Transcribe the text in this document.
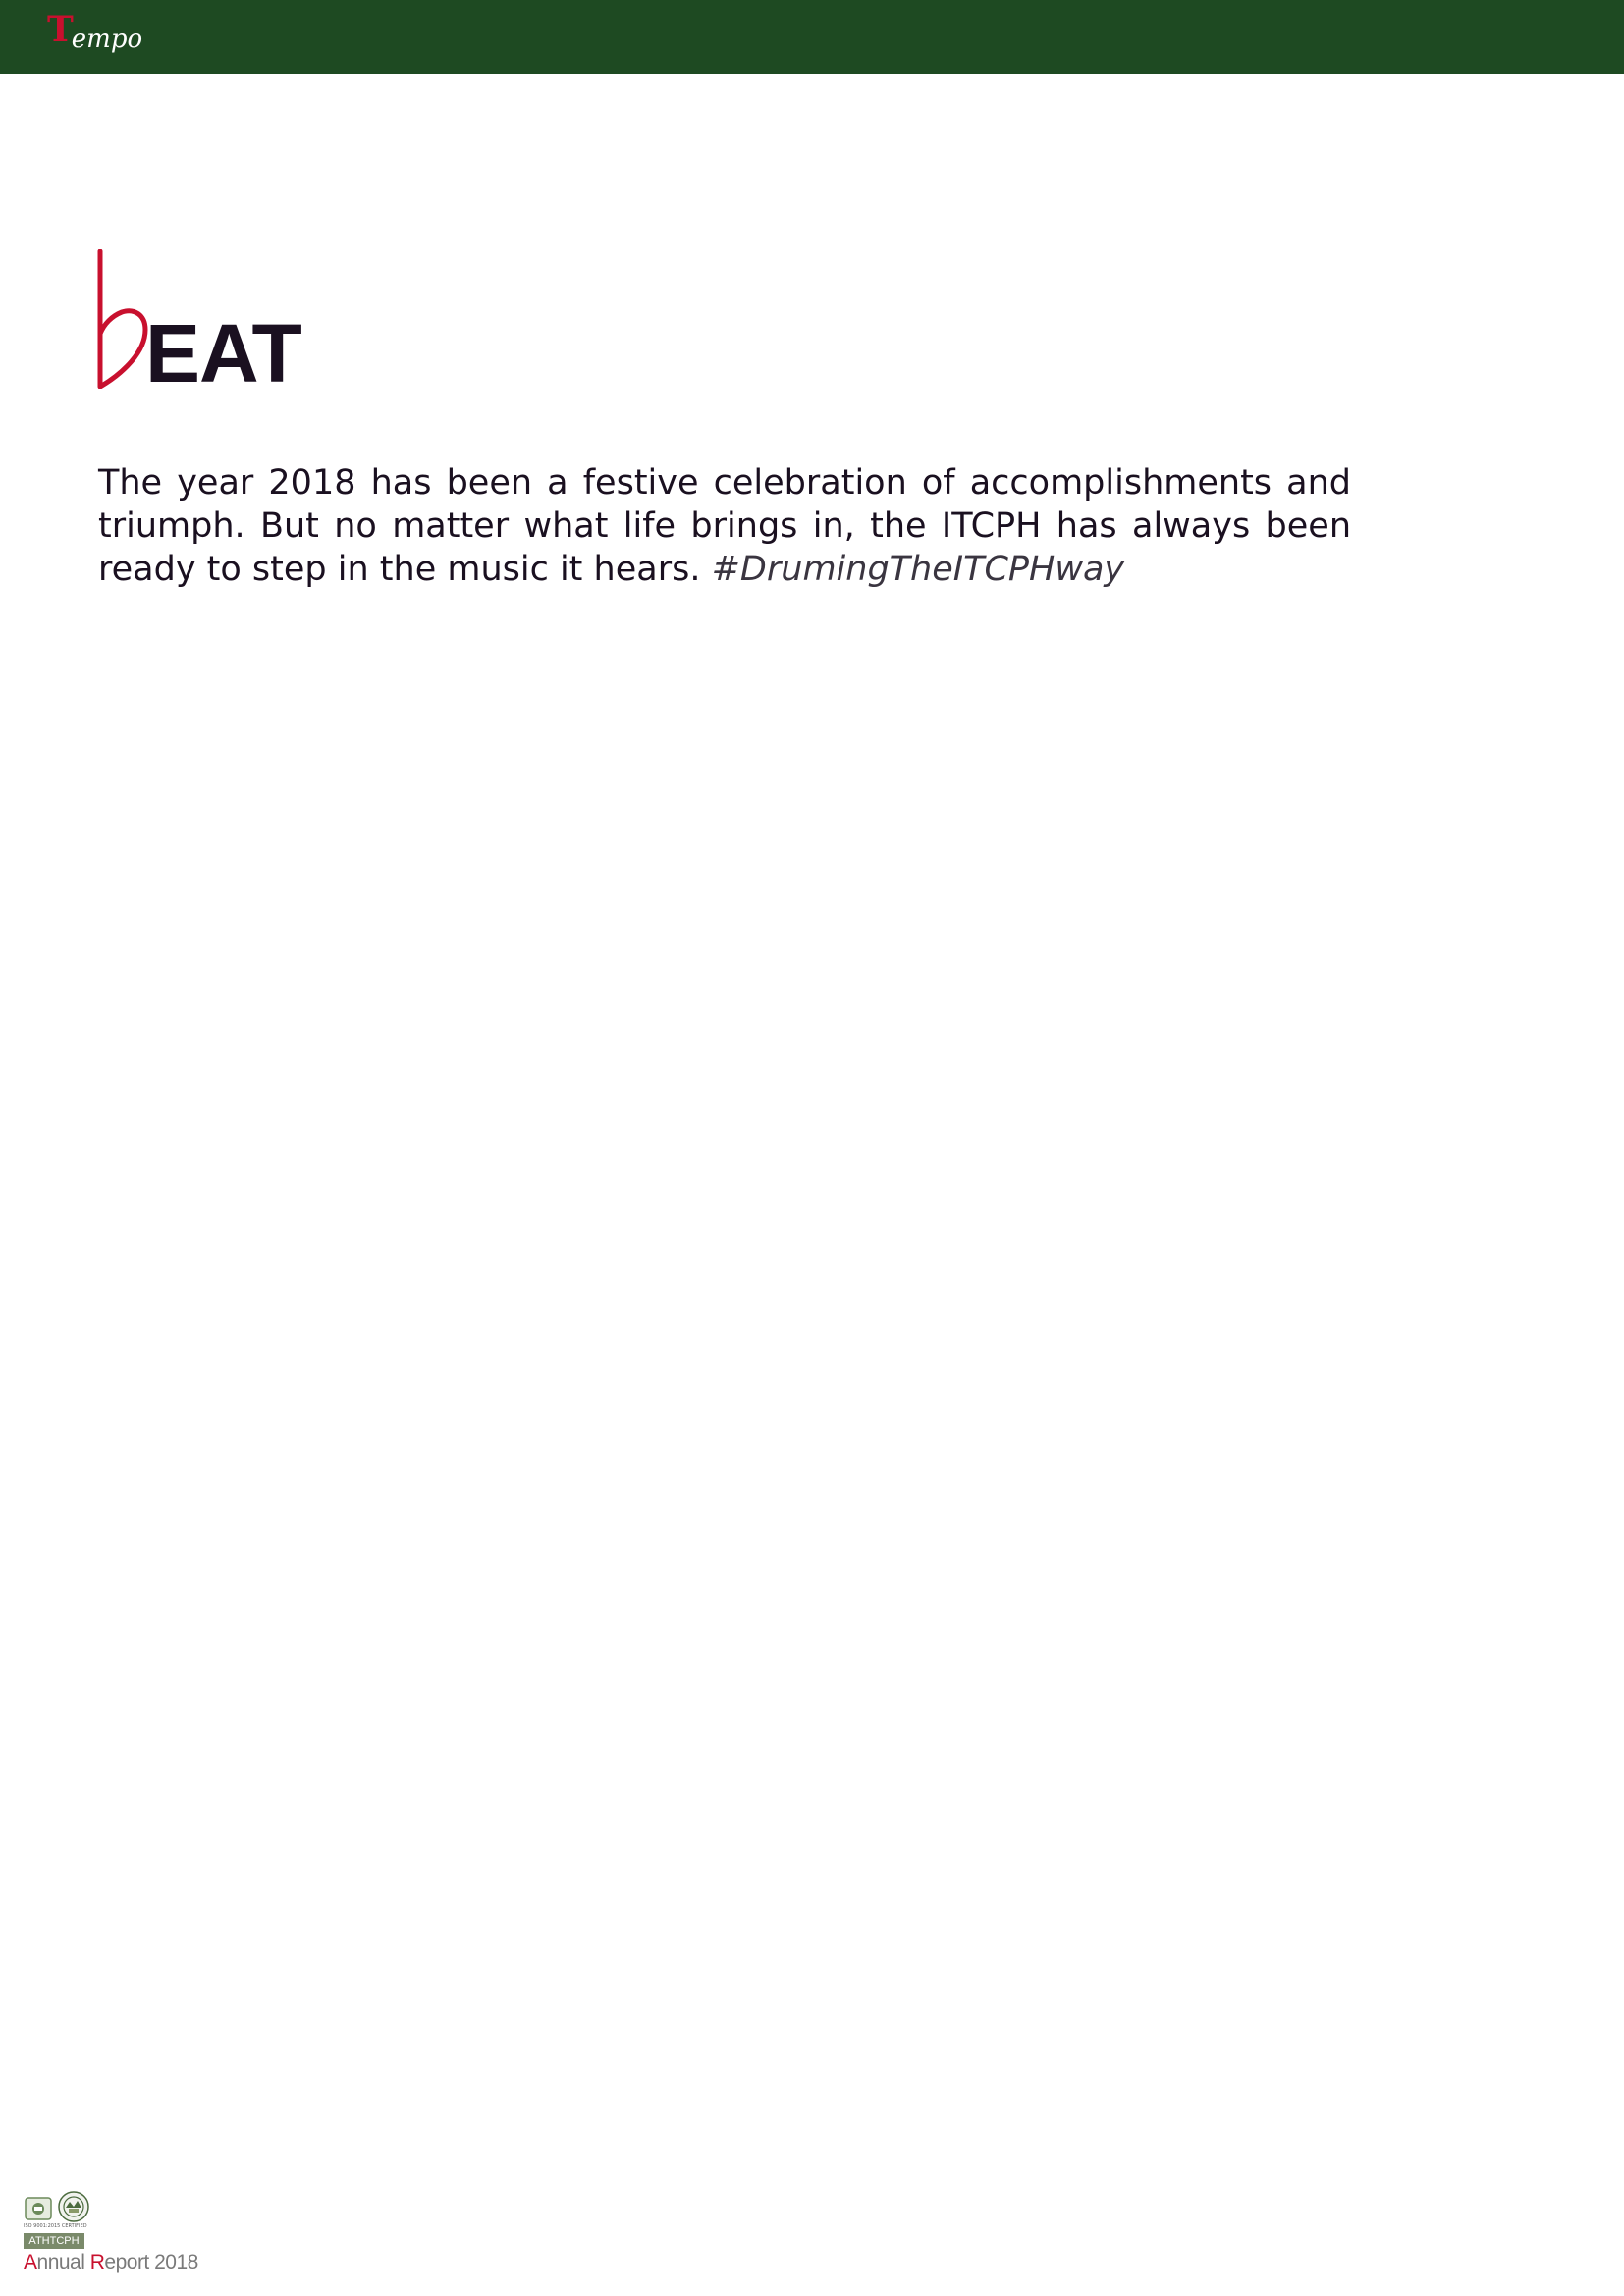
T
empo
EAT

The year 2018 has been a festive celebration of accomplishments and triumph. But no matter what life brings in, the ITCPH has always been ready to step in the music it hears. #DrumingTheITCPHway

ISO 9001:2015 CERTIFIED
ATHTCPH
Annual Report 2018
